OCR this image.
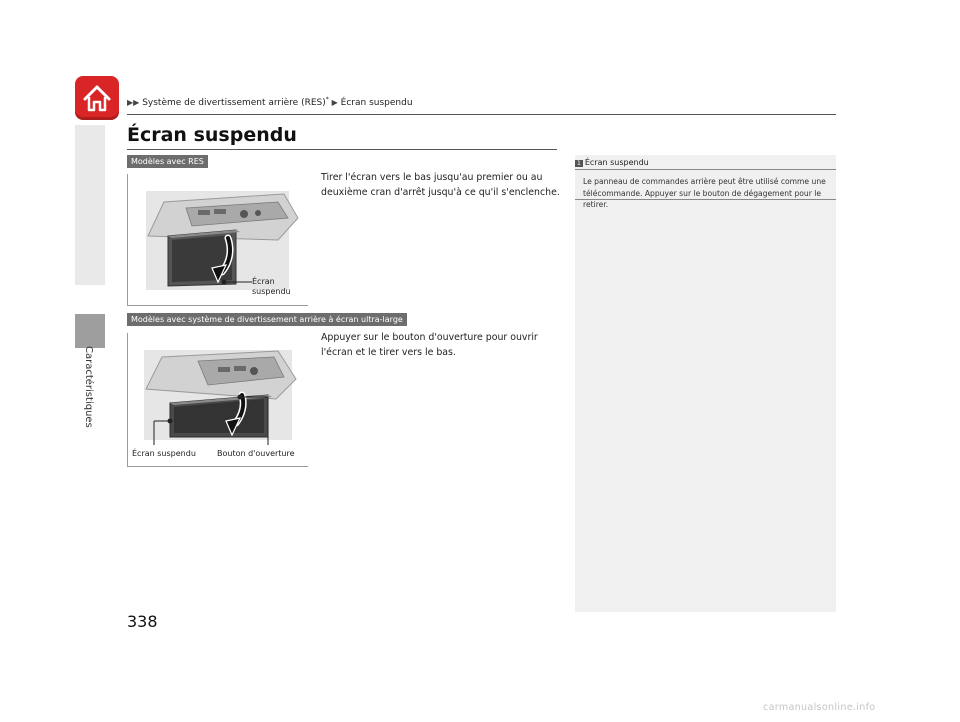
Caractéristiques
▶▶ Système de divertissement arrière (RES)* ▶ Écran suspendu
Écran suspendu
Modèles avec RES
Tirer l'écran vers le bas jusqu'au premier ou au deuxième cran d'arrêt jusqu'à ce qu'il s'enclenche.
Écran
suspendu
Modèles avec système de divertissement arrière à écran ultra-large
Appuyer sur le bouton d'ouverture pour ouvrir l'écran et le tirer vers le bas.
Écran suspendu	Bouton d'ouverture
1 Écran suspendu
Le panneau de commandes arrière peut être utilisé comme une télécommande. Appuyer sur le bouton de dégagement pour le retirer.
338
carmanualsonline.info
